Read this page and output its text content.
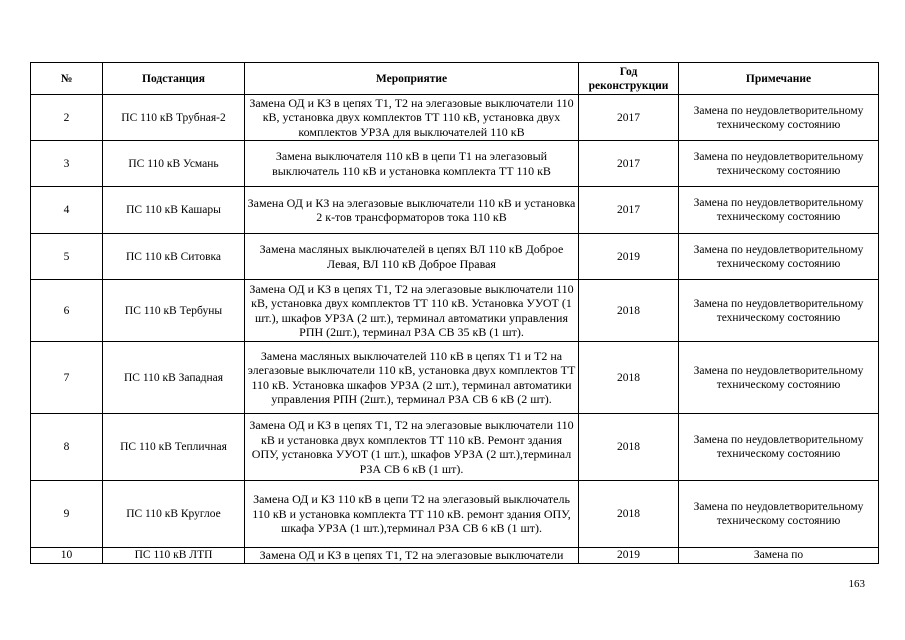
№	Подстанция	Мероприятие	Год реконструкции	Примечание
2	ПС 110 кВ Трубная-2	Замена ОД и КЗ в цепях Т1, Т2 на элегазовые выключатели 110 кВ, установка двух комплектов ТТ 110 кВ, установка двух комплектов УРЗА для выключателей 110 кВ	2017	Замена по неудовлетворительному техническому состоянию
3	ПС 110 кВ Усмань	Замена выключателя 110 кВ в цепи Т1 на элегазовый выключатель 110 кВ и установка комплекта ТТ 110 кВ	2017	Замена по неудовлетворительному техническому состоянию
4	ПС 110 кВ Кашары	Замена ОД и КЗ на элегазовые выключатели 110 кВ и установка 2 к-тов трансформаторов тока 110 кВ	2017	Замена по неудовлетворительному техническому состоянию
5	ПС 110 кВ Ситовка	Замена масляных выключателей в цепях ВЛ 110 кВ Доброе Левая, ВЛ 110 кВ Доброе Правая	2019	Замена по неудовлетворительному техническому состоянию
6	ПС 110 кВ Тербуны	Замена ОД и КЗ в цепях Т1, Т2 на элегазовые выключатели 110 кВ, установка двух комплектов ТТ 110 кВ. Установка УУОТ (1 шт.), шкафов УРЗА (2 шт.), терминал автоматики управления РПН (2шт.), терминал РЗА СВ 35 кВ (1 шт).	2018	Замена по неудовлетворительному техническому состоянию
7	ПС 110 кВ Западная	Замена масляных выключателей 110 кВ в цепях Т1 и Т2 на элегазовые выключатели 110 кВ, установка двух комплектов ТТ 110 кВ. Установка шкафов УРЗА (2 шт.), терминал автоматики управления РПН (2шт.), терминал РЗА СВ 6 кВ (2 шт).	2018	Замена по неудовлетворительному техническому состоянию
8	ПС 110 кВ Тепличная	Замена ОД и КЗ в цепях Т1, Т2 на элегазовые выключатели 110 кВ и установка двух комплектов ТТ 110 кВ. Ремонт здания ОПУ, установка УУОТ (1 шт.), шкафов УРЗА (2 шт.),терминал РЗА СВ 6 кВ (1 шт).	2018	Замена по неудовлетворительному техническому состоянию
9	ПС 110 кВ Круглое	Замена ОД и КЗ 110 кВ в цепи Т2 на элегазовый выключатель 110 кВ и установка комплекта ТТ 110 кВ. ремонт здания ОПУ, шкафа УРЗА (1 шт.),терминал РЗА СВ 6 кВ (1 шт).	2018	Замена по неудовлетворительному техническому состоянию
10	ПС 110 кВ ЛТП	Замена ОД и КЗ в цепях Т1, Т2 на элегазовые выключатели	2019	Замена по
163
